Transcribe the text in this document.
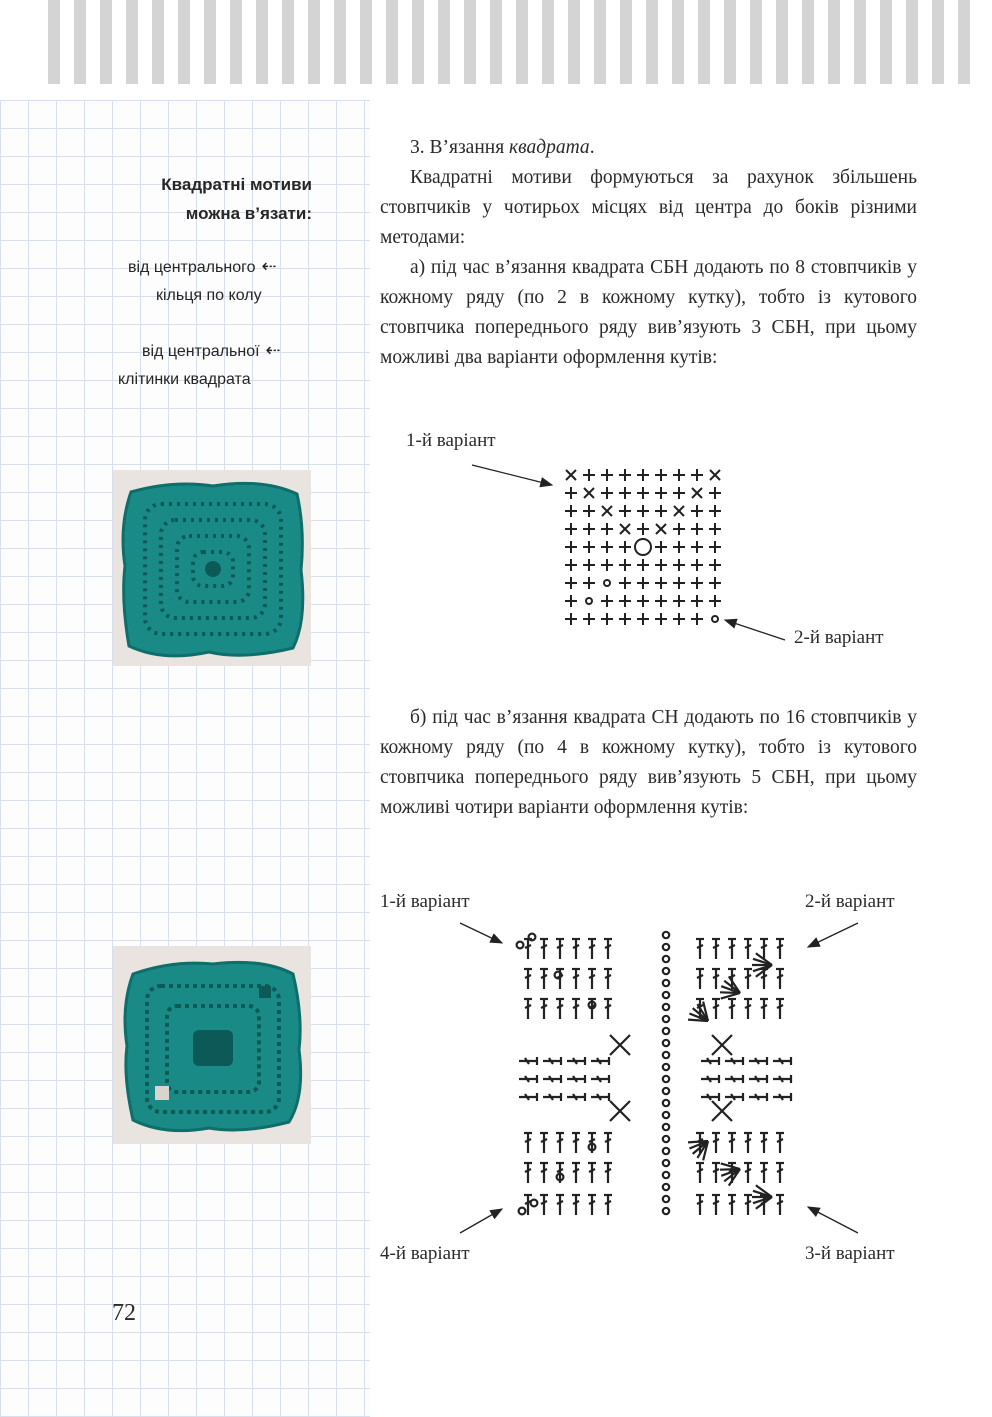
Квадратні мотиви
можна в’язати:
від центрального ⇠
кільця по колу
від центральної ⇠
клітинки квадрата

3. В’язання квадрата.

Квадратні мотиви формуються за рахунок збільшень стовпчиків у чотирьох місцях від центра до боків різними методами:

а) під час в’язання квадрата СБН додають по 8 стовпчиків у кожному ряду (по 2 в кожному кутку), тобто із кутового стовпчика попереднього ряду вив’язують 3 СБН, при цьому можливі два варіанти оформлення кутів:

б) під час в’язання квадрата СН додають по 16 стовпчиків у кожному ряду (по 4 в кожному кутку), тобто із кутового стовпчика попереднього ряду вив’язують 5 СБН, при цьому можливі чотири варіанти оформлення кутів:

1-й варіант
2-й варіант
1-й варіант	2-й варіант
4-й варіант	3-й варіант
72
